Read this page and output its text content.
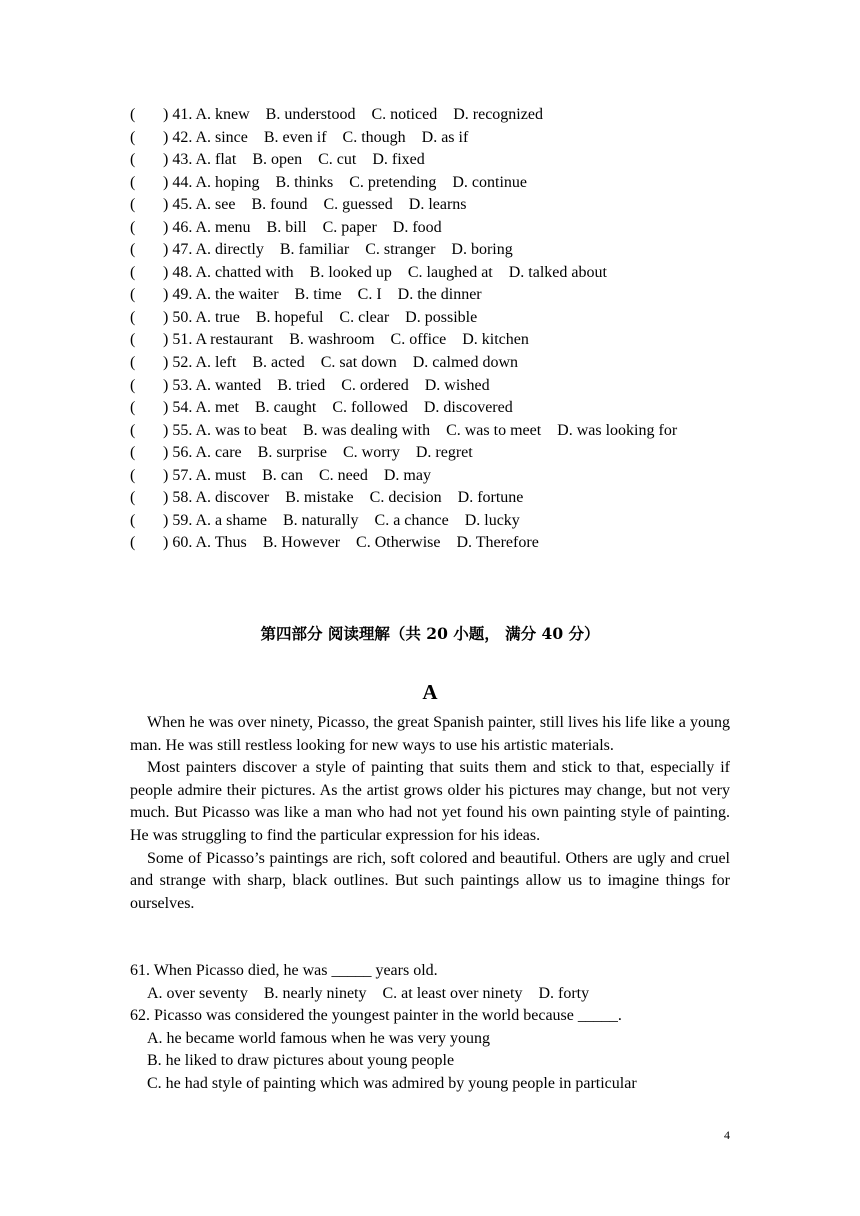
( ) 41. A. knew    B. understood    C. noticed    D. recognized
( ) 42. A. since    B. even if    C. though    D. as if
( ) 43. A. flat    B. open    C. cut    D. fixed
( ) 44. A. hoping    B. thinks    C. pretending    D. continue
( ) 45. A. see    B. found    C. guessed    D. learns
( ) 46. A. menu    B. bill    C. paper    D. food
( ) 47. A. directly    B. familiar    C. stranger    D. boring
( ) 48. A. chatted with    B. looked up    C. laughed at    D. talked about
( ) 49. A. the waiter    B. time    C. I    D. the dinner
( ) 50. A. true    B. hopeful    C. clear    D. possible
( ) 51. A restaurant    B. washroom    C. office    D. kitchen
( ) 52. A. left    B. acted    C. sat down    D. calmed down
( ) 53. A. wanted    B. tried    C. ordered    D. wished
( ) 54. A. met    B. caught    C. followed    D. discovered
( ) 55. A. was to beat    B. was dealing with    C. was to meet    D. was looking for
( ) 56. A. care    B. surprise    C. worry    D. regret
( ) 57. A. must    B. can    C. need    D. may
( ) 58. A. discover    B. mistake    C. decision    D. fortune
( ) 59. A. a shame    B. naturally    C. a chance    D. lucky
( ) 60. A. Thus    B. However    C. Otherwise    D. Therefore
第四部分 阅读理解（共 20 小题， 满分 40 分）
A

When he was over ninety, Picasso, the great Spanish painter, still lives his life like a young man. He was still restless looking for new ways to use his artistic materials.

Most painters discover a style of painting that suits them and stick to that, especially if people admire their pictures. As the artist grows older his pictures may change, but not very much. But Picasso was like a man who had not yet found his own painting style of painting. He was struggling to find the particular expression for his ideas.

Some of Picasso’s paintings are rich, soft colored and beautiful. Others are ugly and cruel and strange with sharp, black outlines. But such paintings allow us to imagine things for ourselves.

61. When Picasso died, he was _____ years old.
A. over seventy    B. nearly ninety    C. at least over ninety    D. forty
62. Picasso was considered the youngest painter in the world because _____.
A. he became world famous when he was very young
B. he liked to draw pictures about young people
C. he had style of painting which was admired by young people in particular
4
